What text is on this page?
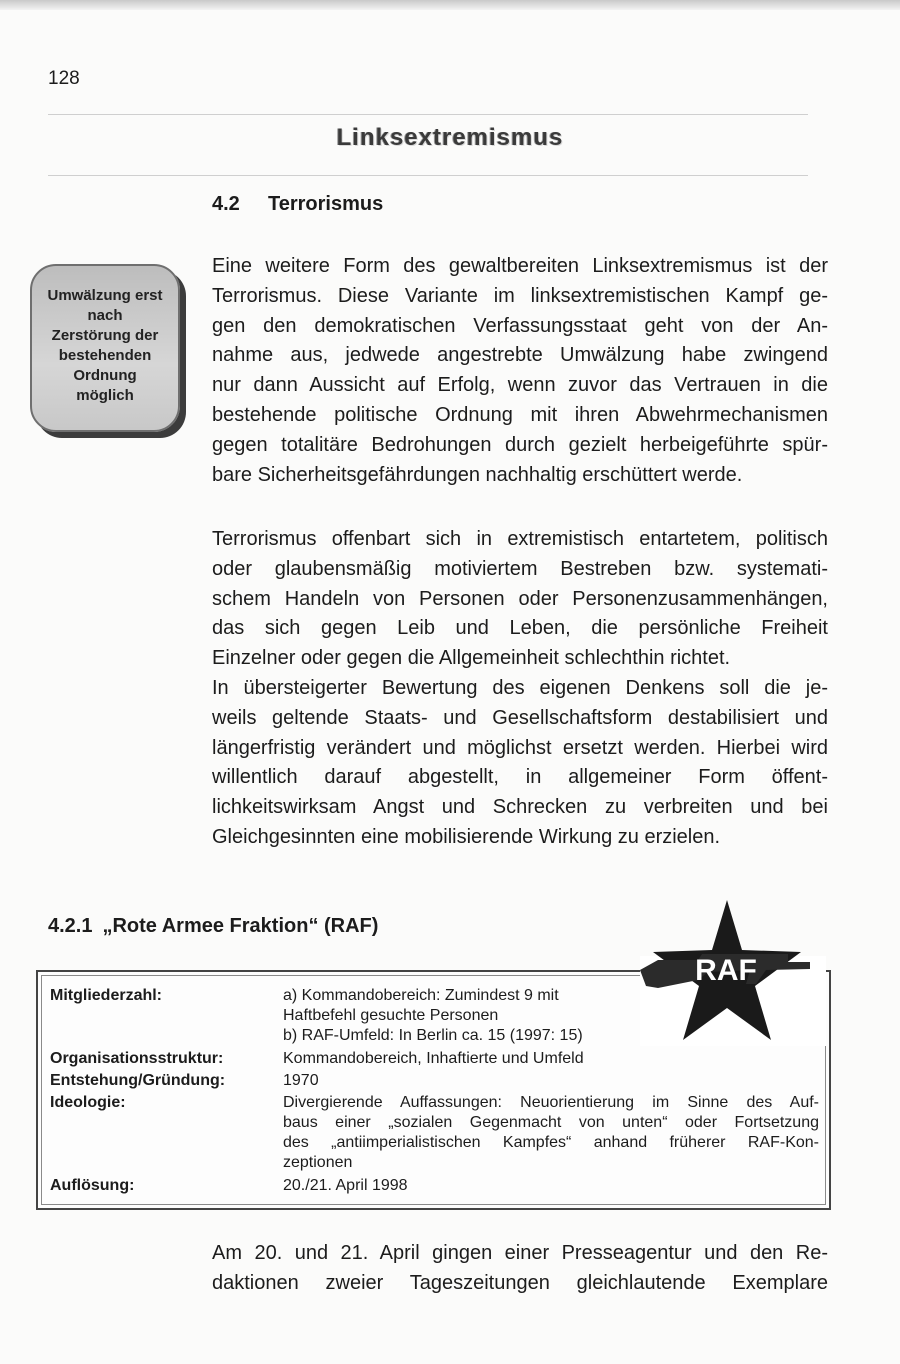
128
Linksextremismus
4.2 Terrorismus
Umwälzung erst
nach
Zerstörung der
bestehenden
Ordnung
möglich
Eine weitere Form des gewaltbereiten Linksextremismus ist der
Terrorismus. Diese Variante im linksextremistischen Kampf ge-
gen den demokratischen Verfassungsstaat geht von der An-
nahme aus, jedwede angestrebte Umwälzung habe zwingend
nur dann Aussicht auf Erfolg, wenn zuvor das Vertrauen in die
bestehende politische Ordnung mit ihren Abwehrmechanismen
gegen totalitäre Bedrohungen durch gezielt herbeigeführte spür-
bare Sicherheitsgefährdungen nachhaltig erschüttert werde.
Terrorismus offenbart sich in extremistisch entartetem, politisch
oder glaubensmäßig motiviertem Bestreben bzw. systemati-
schem Handeln von Personen oder Personenzusammenhängen,
das sich gegen Leib und Leben, die persönliche Freiheit
Einzelner oder gegen die Allgemeinheit schlechthin richtet.
In übersteigerter Bewertung des eigenen Denkens soll die je-
weils geltende Staats- und Gesellschaftsform destabilisiert und
längerfristig verändert und möglichst ersetzt werden. Hierbei wird
willentlich darauf abgestellt, in allgemeiner Form öffent-
lichkeitswirksam Angst und Schrecken zu verbreiten und bei
Gleichgesinnten eine mobilisierende Wirkung zu erzielen.
4.2.1 „Rote Armee Fraktion“ (RAF)
Mitgliederzahl:	a) Kommandobereich: Zumindest 9 mit
Haftbefehl gesuchte Personen
b) RAF-Umfeld: In Berlin ca. 15 (1997: 15)
Organisationsstruktur:	Kommandobereich, Inhaftierte und Umfeld
Entstehung/Gründung:	1970
Ideologie:	Divergierende Auffassungen: Neuorientierung im Sinne des Auf-
baus einer „sozialen Gegenmacht von unten“ oder Fortsetzung
des „antiimperialistischen Kampfes“ anhand früherer RAF-Kon-
zeptionen
Auflösung:	20./21. April 1998
RAF
Am 20. und 21. April gingen einer Presseagentur und den Re-
daktionen zweier Tageszeitungen gleichlautende Exemplare
